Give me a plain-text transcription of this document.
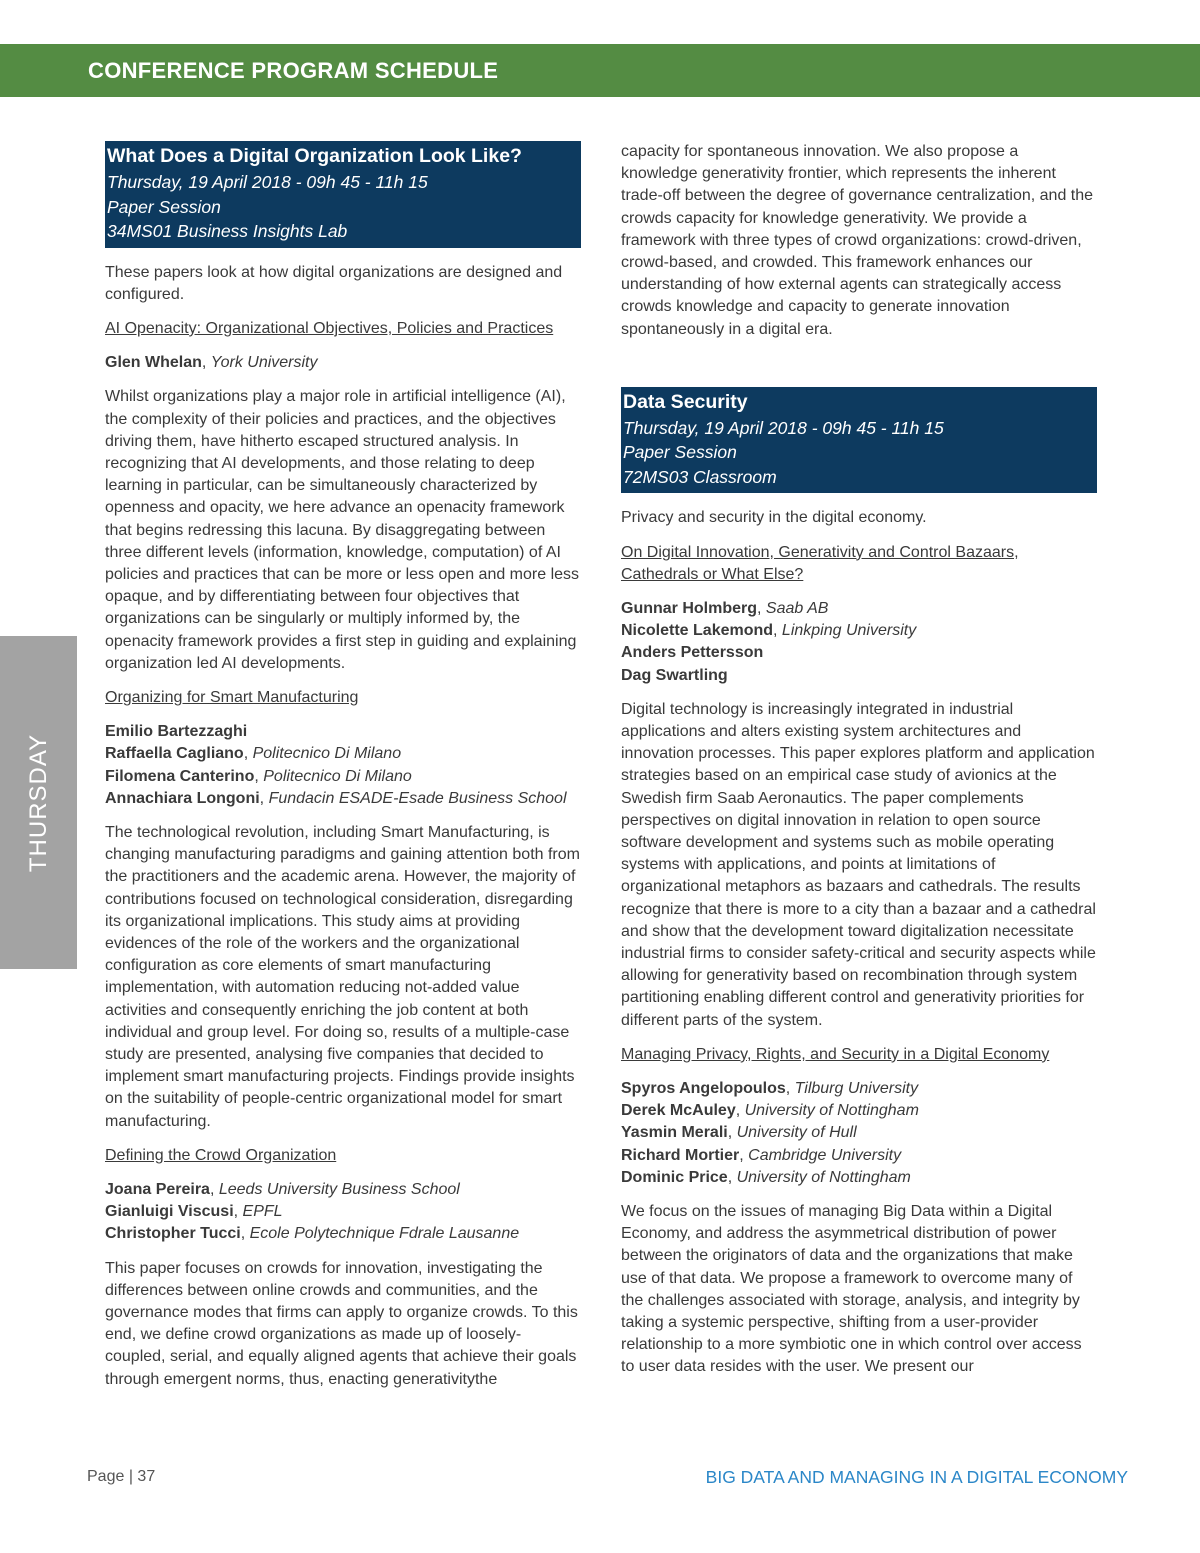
CONFERENCE PROGRAM SCHEDULE
THURSDAY
What Does a Digital Organization Look Like?
Thursday, 19 April 2018 - 09h 45 - 11h 15
Paper Session
34MS01 Business Insights Lab

These papers look at how digital organizations are designed and configured.

AI Openacity: Organizational Objectives, Policies and Practices

Glen Whelan, York University

Whilst organizations play a major role in artificial intelligence (AI), the complexity of their policies and practices, and the objectives driving them, have hitherto escaped structured analysis. In recognizing that AI developments, and those relating to deep learning in particular, can be simultaneously characterized by openness and opacity, we here advance an openacity framework that begins redressing this lacuna. By disaggregating between three different levels (information, knowledge, computation) of AI policies and practices that can be more or less open and more less opaque, and by differentiating between four objectives that organizations can be singularly or multiply informed by, the openacity framework provides a first step in guiding and explaining organization led AI developments.

Organizing for Smart Manufacturing

Emilio Bartezzaghi
Raffaella Cagliano, Politecnico Di Milano
Filomena Canterino, Politecnico Di Milano
Annachiara Longoni, Fundacin ESADE-Esade Business School

The technological revolution, including Smart Manufacturing, is changing manufacturing paradigms and gaining attention both from the practitioners and the academic arena. However, the majority of contributions focused on technological consideration, disregarding its organizational implications. This study aims at providing evidences of the role of the workers and the organizational configuration as core elements of smart manufacturing implementation, with automation reducing not-added value activities and consequently enriching the job content at both individual and group level. For doing so, results of a multiple-case study are presented, analysing five companies that decided to implement smart manufacturing projects. Findings provide insights on the suitability of people-centric organizational model for smart manufacturing.

Defining the Crowd Organization

Joana Pereira, Leeds University Business School
Gianluigi Viscusi, EPFL
Christopher Tucci, Ecole Polytechnique Fdrale Lausanne

This paper focuses on crowds for innovation, investigating the differences between online crowds and communities, and the governance modes that firms can apply to organize crowds. To this end, we define crowd organizations as made up of loosely-coupled, serial, and equally aligned agents that achieve their goals through emergent norms, thus, enacting generativitythe

capacity for spontaneous innovation. We also propose a knowledge generativity frontier, which represents the inherent trade-off between the degree of governance centralization, and the crowds capacity for knowledge generativity. We provide a framework with three types of crowd organizations: crowd-driven, crowd-based, and crowded. This framework enhances our understanding of how external agents can strategically access crowds knowledge and capacity to generate innovation spontaneously in a digital era.

Data Security
Thursday, 19 April 2018 - 09h 45 - 11h 15
Paper Session
72MS03 Classroom

Privacy and security in the digital economy.

On Digital Innovation, Generativity and Control Bazaars, Cathedrals or What Else?

Gunnar Holmberg, Saab AB
Nicolette Lakemond, Linkping University
Anders Pettersson
Dag Swartling

Digital technology is increasingly integrated in industrial applications and alters existing system architectures and innovation processes. This paper explores platform and application strategies based on an empirical case study of avionics at the Swedish firm Saab Aeronautics. The paper complements perspectives on digital innovation in relation to open source software development and systems such as mobile operating systems with applications, and points at limitations of organizational metaphors as bazaars and cathedrals. The results recognize that there is more to a city than a bazaar and a cathedral and show that the development toward digitalization necessitate industrial firms to consider safety-critical and security aspects while allowing for generativity based on recombination through system partitioning enabling different control and generativity priorities for different parts of the system.

Managing Privacy, Rights, and Security in a Digital Economy

Spyros Angelopoulos, Tilburg University
Derek McAuley, University of Nottingham
Yasmin Merali, University of Hull
Richard Mortier, Cambridge University
Dominic Price, University of Nottingham

We focus on the issues of managing Big Data within a Digital Economy, and address the asymmetrical distribution of power between the originators of data and the organizations that make use of that data. We propose a framework to overcome many of the challenges associated with storage, analysis, and integrity by taking a systemic perspective, shifting from a user-provider relationship to a more symbiotic one in which control over access to user data resides with the user. We present our

Page | 37	BIG DATA AND MANAGING IN A DIGITAL ECONOMY
